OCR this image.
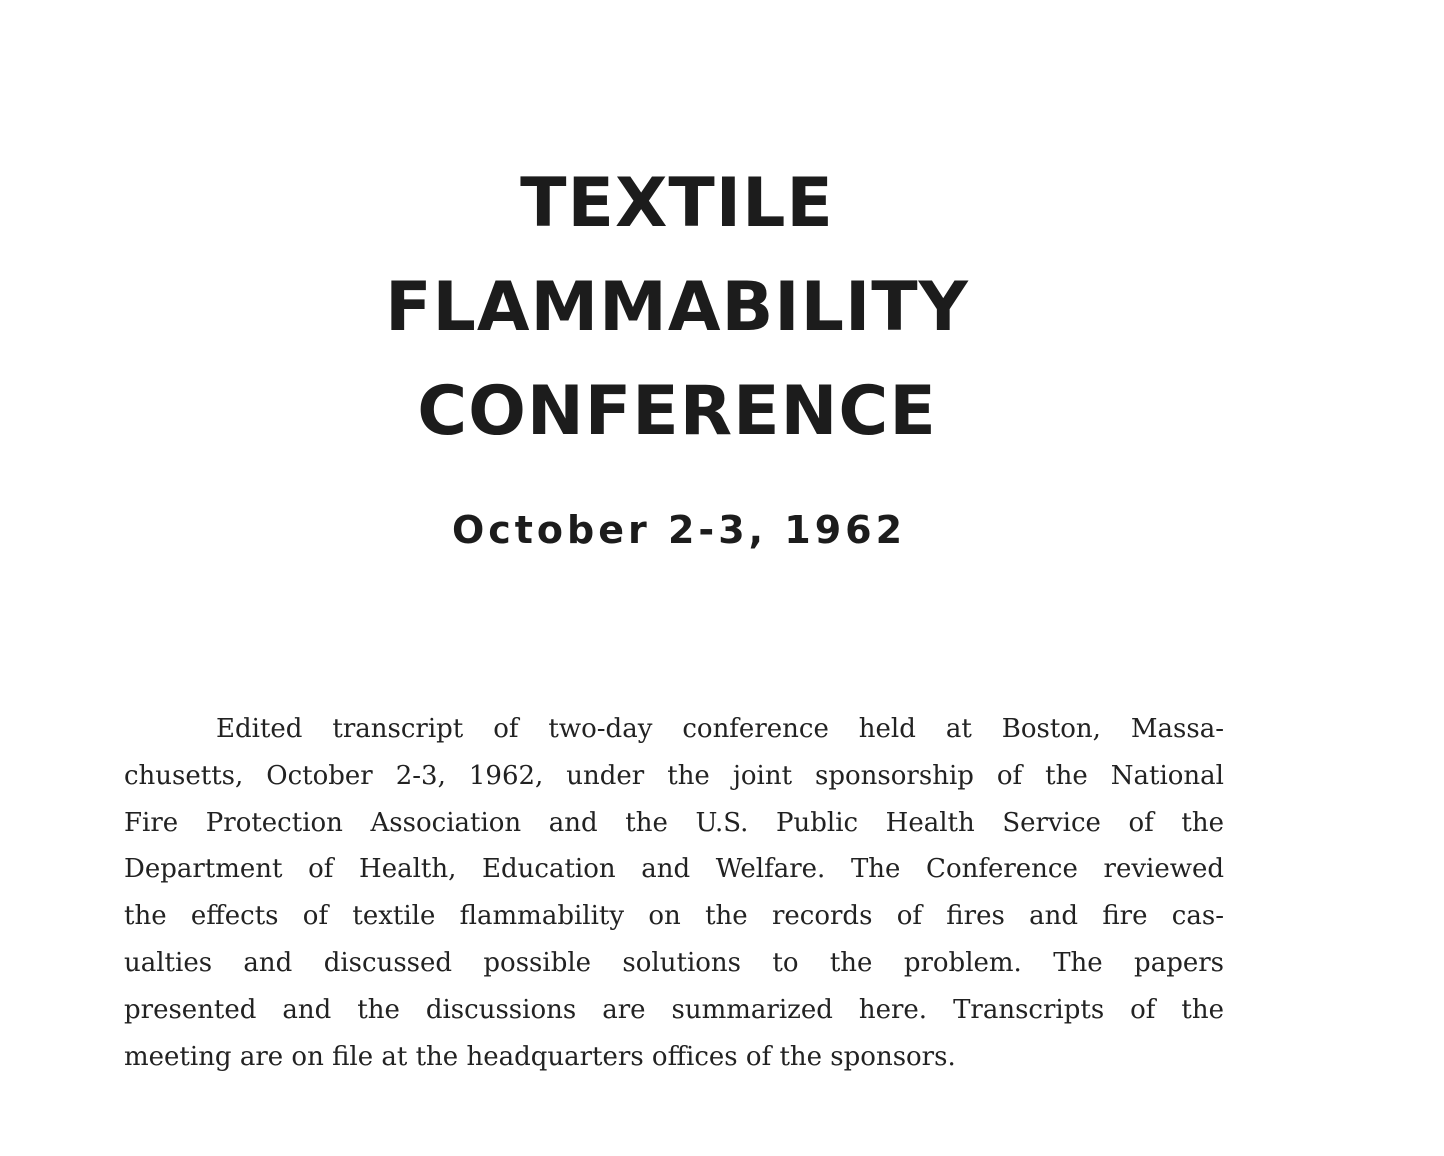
TEXTILE
FLAMMABILITY
CONFERENCE
October 2-3, 1962
Edited transcript of two-day conference held at Boston, Massa-
chusetts, October 2-3, 1962, under the joint sponsorship of the National
Fire Protection Association and the U.S. Public Health Service of the
Department of Health, Education and Welfare. The Conference reviewed
the effects of textile flammability on the records of fires and fire cas-
ualties and discussed possible solutions to the problem. The papers
presented and the discussions are summarized here. Transcripts of the
meeting are on file at the headquarters offices of the sponsors.
